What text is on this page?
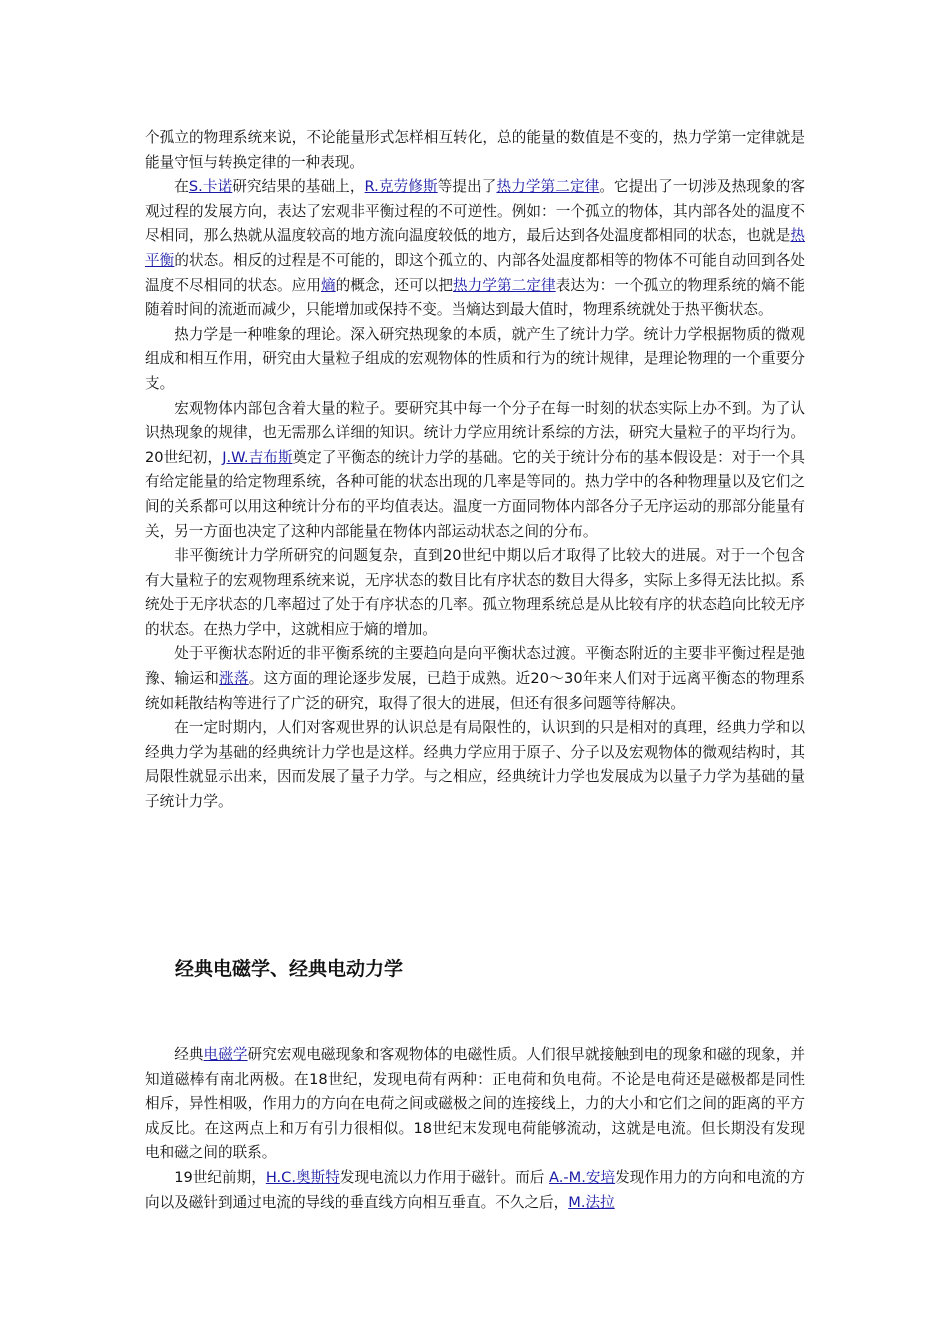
个孤立的物理系统来说，不论能量形式怎样相互转化，总的能量的数值是不变的，热力学第一定律就是能量守恒与转换定律的一种表现。

在S.卡诺研究结果的基础上，R.克劳修斯等提出了热力学第二定律。它提出了一切涉及热现象的客观过程的发展方向，表达了宏观非平衡过程的不可逆性。例如：一个孤立的物体，其内部各处的温度不尽相同，那么热就从温度较高的地方流向温度较低的地方，最后达到各处温度都相同的状态，也就是热平衡的状态。相反的过程是不可能的，即这个孤立的、内部各处温度都相等的物体不可能自动回到各处温度不尽相同的状态。应用熵的概念，还可以把热力学第二定律表达为：一个孤立的物理系统的熵不能随着时间的流逝而减少，只能增加或保持不变。当熵达到最大值时，物理系统就处于热平衡状态。

热力学是一种唯象的理论。深入研究热现象的本质，就产生了统计力学。统计力学根据物质的微观组成和相互作用，研究由大量粒子组成的宏观物体的性质和行为的统计规律，是理论物理的一个重要分支。

宏观物体内部包含着大量的粒子。要研究其中每一个分子在每一时刻的状态实际上办不到。为了认识热现象的规律，也无需那么详细的知识。统计力学应用统计系综的方法，研究大量粒子的平均行为。20世纪初，J.W.吉布斯奠定了平衡态的统计力学的基础。它的关于统计分布的基本假设是：对于一个具有给定能量的给定物理系统，各种可能的状态出现的几率是等同的。热力学中的各种物理量以及它们之间的关系都可以用这种统计分布的平均值表达。温度一方面同物体内部各分子无序运动的那部分能量有关，另一方面也决定了这种内部能量在物体内部运动状态之间的分布。

非平衡统计力学所研究的问题复杂，直到20世纪中期以后才取得了比较大的进展。对于一个包含有大量粒子的宏观物理系统来说，无序状态的数目比有序状态的数目大得多，实际上多得无法比拟。系统处于无序状态的几率超过了处于有序状态的几率。孤立物理系统总是从比较有序的状态趋向比较无序的状态。在热力学中，这就相应于熵的增加。

处于平衡状态附近的非平衡系统的主要趋向是向平衡状态过渡。平衡态附近的主要非平衡过程是弛豫、输运和涨落。这方面的理论逐步发展，已趋于成熟。近20～30年来人们对于远离平衡态的物理系统如耗散结构等进行了广泛的研究，取得了很大的进展，但还有很多问题等待解决。

在一定时期内，人们对客观世界的认识总是有局限性的，认识到的只是相对的真理，经典力学和以经典力学为基础的经典统计力学也是这样。经典力学应用于原子、分子以及宏观物体的微观结构时，其局限性就显示出来，因而发展了量子力学。与之相应，经典统计力学也发展成为以量子力学为基础的量子统计力学。

经典电磁学、经典电动力学

经典电磁学研究宏观电磁现象和客观物体的电磁性质。人们很早就接触到电的现象和磁的现象，并知道磁棒有南北两极。在18世纪，发现电荷有两种：正电荷和负电荷。不论是电荷还是磁极都是同性相斥，异性相吸，作用力的方向在电荷之间或磁极之间的连接线上，力的大小和它们之间的距离的平方成反比。在这两点上和万有引力很相似。18世纪末发现电荷能够流动，这就是电流。但长期没有发现电和磁之间的联系。

19世纪前期，H.C.奥斯特发现电流以力作用于磁针。而后 A.-M.安培发现作用力的方向和电流的方向以及磁针到通过电流的导线的垂直线方向相互垂直。不久之后，M.法拉
